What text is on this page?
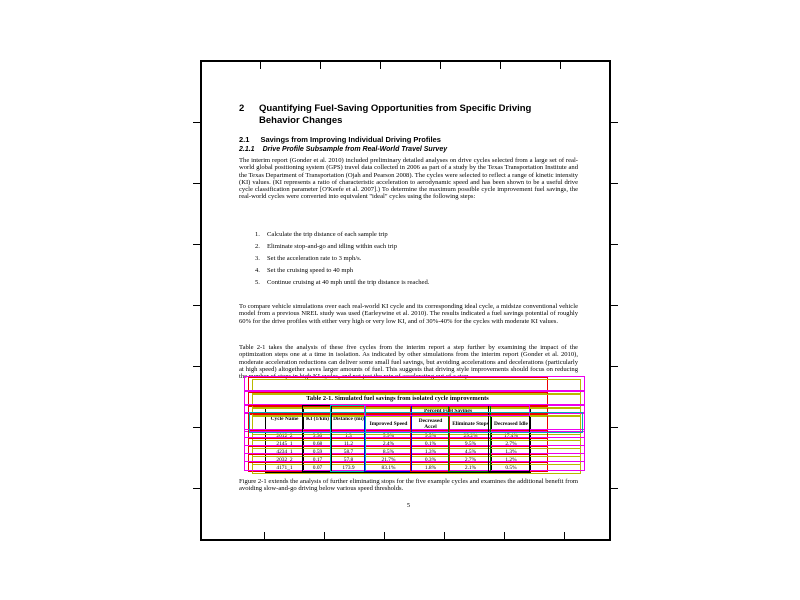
2	Quantifying Fuel-Saving Opportunities from Specific Driving Behavior Changes
2.1 Savings from Improving Individual Driving Profiles
2.1.1 Drive Profile Subsample from Real-World Travel Survey
The interim report (Gonder et al. 2010) included preliminary detailed analyses on drive cycles selected from a large set of real-world global positioning system (GPS) travel data collected in 2006 as part of a study by the Texas Transportation Institute and the Texas Department of Transportation (Ojah and Pearson 2008). The cycles were selected to reflect a range of kinetic intensity (KI) values. (KI represents a ratio of characteristic acceleration to aerodynamic speed and has been shown to be a useful drive cycle classification parameter [O'Keefe et al. 2007].) To determine the maximum possible cycle improvement fuel savings, the real-world cycles were converted into equivalent "ideal" cycles using the following steps:
1.	Calculate the trip distance of each sample trip
2.	Eliminate stop-and-go and idling within each trip
3.	Set the acceleration rate to 3 mph/s.
4.	Set the cruising speed to 40 mph
5.	Continue cruising at 40 mph until the trip distance is reached.
To compare vehicle simulations over each real-world KI cycle and its corresponding ideal cycle, a midsize conventional vehicle model from a previous NREL study was used (Earleywine et al. 2010). The results indicated a fuel savings potential of roughly 60% for the drive profiles with either very high or very low KI, and of 30%-40% for the cycles with moderate KI values.
Table 2-1 takes the analysis of these five cycles from the interim report a step further by examining the impact of the optimization steps one at a time in isolation. As indicated by other simulations from the interim report (Gonder et al. 2010), moderate acceleration reductions can deliver some small fuel savings, but avoiding accelerations and decelerations (particularly at high speed) altogether saves larger amounts of fuel. This suggests that driving style improvements should focus on reducing the number of stops in high KI cycles, and not just the rate of accelerating out of a stop.
Table 2-1. Simulated fuel savings from isolated cycle improvements
Cycle Name	KI (1/km)	Distance (mi)	Percent Fuel Savings			
			Improved Speed	Decreased Accel	Eliminate Stops	Decreased Idle
2012_2	3.30	1.3	5.9%	9.5%	29.2%	17.4%
2145_1	0.68	11.2	2.4%	0.1%	9.5%	2.7%
4234_1	0.59	58.7	8.5%	1.3%	4.5%	1.3%
2032_2	0.17	57.8	21.7%	0.3%	2.7%	1.2%
4171_1	0.07	173.9	83.1%	1.8%	2.1%	0.5%
Figure 2-1 extends the analysis of further eliminating stops for the five example cycles and examines the additional benefit from avoiding slow-and-go driving below various speed thresholds.
5
